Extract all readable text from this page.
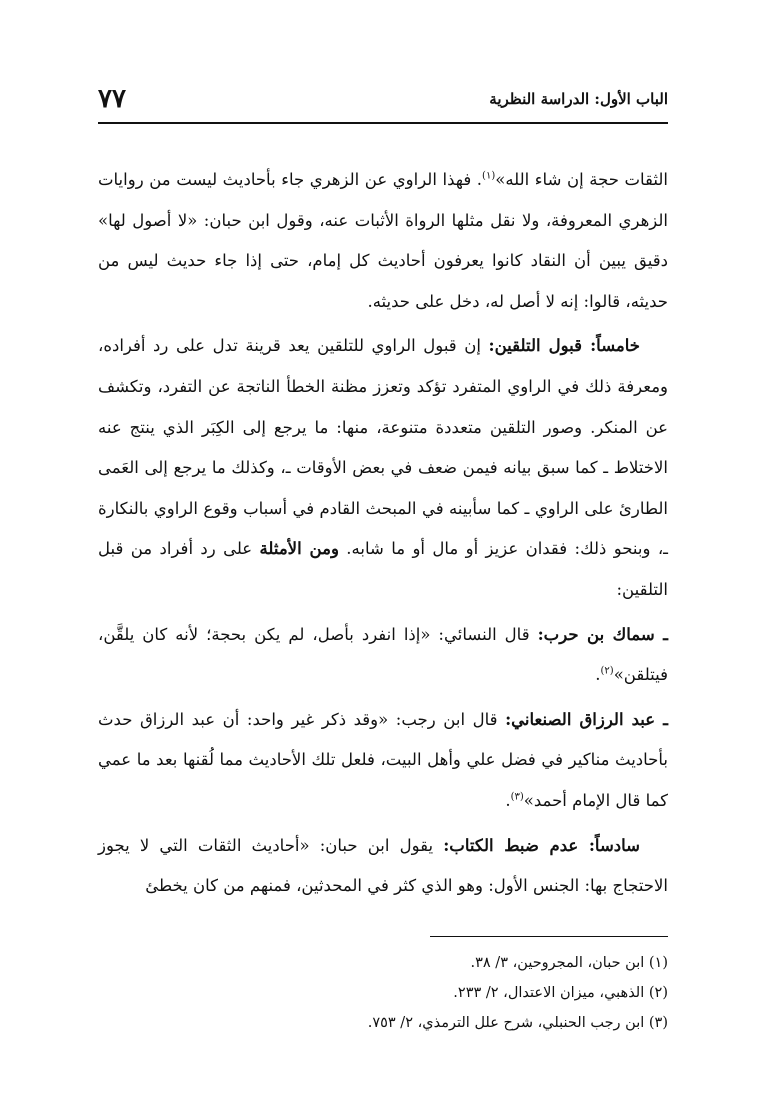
الباب الأول: الدراسة النظرية
٧٧

الثقات حجة إن شاء الله»$^{(١)}$. فهذا الراوي عن الزهري جاء بأحاديث ليست من روايات الزهري المعروفة، ولا نقل مثلها الرواة الأثبات عنه، وقول ابن حبان: «لا أصول لها» دقيق يبين أن النقاد كانوا يعرفون أحاديث كل إمام، حتى إذا جاء حديث ليس من حديثه، قالوا: إنه لا أصل له، دخل على حديثه.

خامساً: قبول التلقين: إن قبول الراوي للتلقين يعد قرينة تدل على رد أفراده، ومعرفة ذلك في الراوي المتفرد تؤكد وتعزز مظنة الخطأ الناتجة عن التفرد، وتكشف عن المنكر. وصور التلقين متعددة متنوعة، منها: ما يرجع إلى الكِبَر الذي ينتج عنه الاختلاط ـ كما سبق بيانه فيمن ضعف في بعض الأوقات ـ، وكذلك ما يرجع إلى العَمى الطارئ على الراوي ـ كما سأبينه في المبحث القادم في أسباب وقوع الراوي بالنكارة ـ، وبنحو ذلك: فقدان عزيز أو مال أو ما شابه. ومن الأمثلة على رد أفراد من قبل التلقين:

ـ سماك بن حرب: قال النسائي: «إذا انفرد بأصل، لم يكن بحجة؛ لأنه كان يلقَّن، فيتلقن»$^{(٢)}$.

ـ عبد الرزاق الصنعاني: قال ابن رجب: «وقد ذكر غير واحد: أن عبد الرزاق حدث بأحاديث مناكير في فضل علي وأهل البيت، فلعل تلك الأحاديث مما لُقنها بعد ما عمي كما قال الإمام أحمد»$^{(٣)}$.

سادساً: عدم ضبط الكتاب: يقول ابن حبان: «أحاديث الثقات التي لا يجوز الاحتجاج بها: الجنس الأول: وهو الذي كثر في المحدثين، فمنهم من كان يخطئ

(١) ابن حبان، المجروحين، ٣/ ٣٨.

(٢) الذهبي، ميزان الاعتدال، ٢/ ٢٣٣.

(٣) ابن رجب الحنبلي، شرح علل الترمذي، ٢/ ٧٥٣.
